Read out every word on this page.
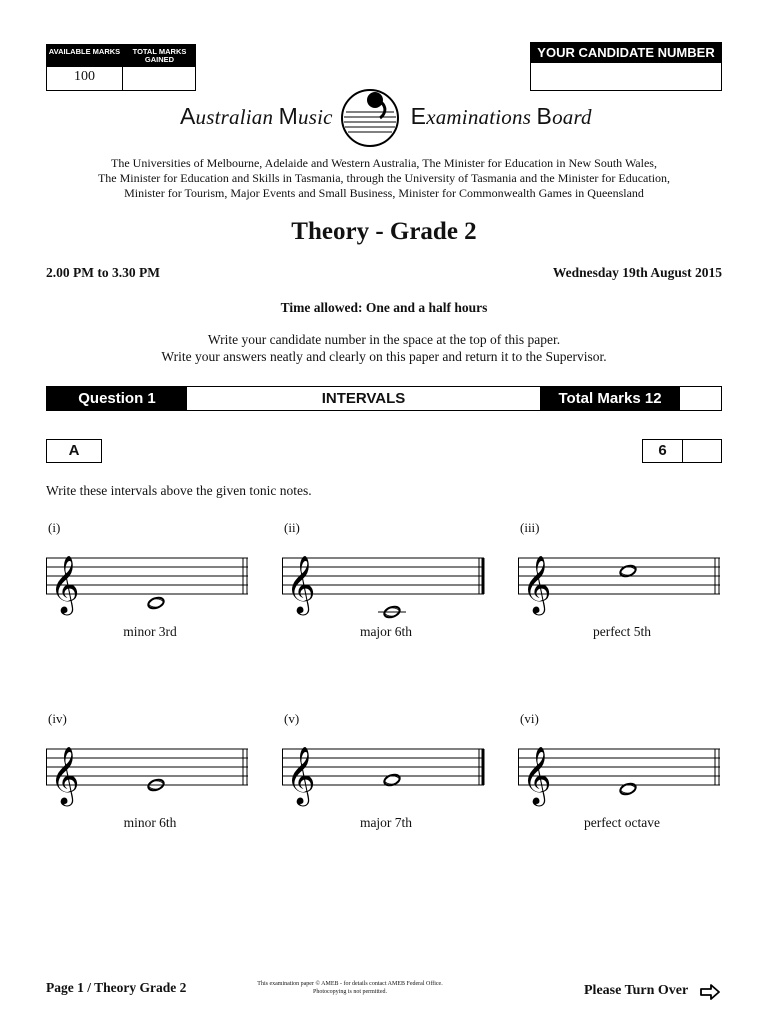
AVAILABLE MARKS	TOTAL MARKS GAINED
100
YOUR CANDIDATE NUMBER
Australian Music	Examinations Board
The Universities of Melbourne, Adelaide and Western Australia, The Minister for Education in New South Wales,
The Minister for Education and Skills in Tasmania, through the University of Tasmania and the Minister for Education,
Minister for Tourism, Major Events and Small Business, Minister for Commonwealth Games in Queensland
Theory - Grade 2
2.00 PM to 3.30 PM	Wednesday 19th August 2015
Time allowed: One and a half hours
Write your candidate number in the space at the top of this paper.
Write your answers neatly and clearly on this paper and return it to the Supervisor.
Question 1	INTERVALS	Total Marks 12
A	6
Write these intervals above the given tonic notes.
(i)
𝄞
minor 3rd
(ii)
𝄞
major 6th
(iii)
𝄞
perfect 5th
(iv)
𝄞
minor 6th
(v)
𝄞
major 7th
(vi)
𝄞
perfect octave
Page 1 / Theory Grade 2	This examination paper © AMEB - for details contact AMEB Federal Office.
Photocopying is not permitted.	Please Turn Over
